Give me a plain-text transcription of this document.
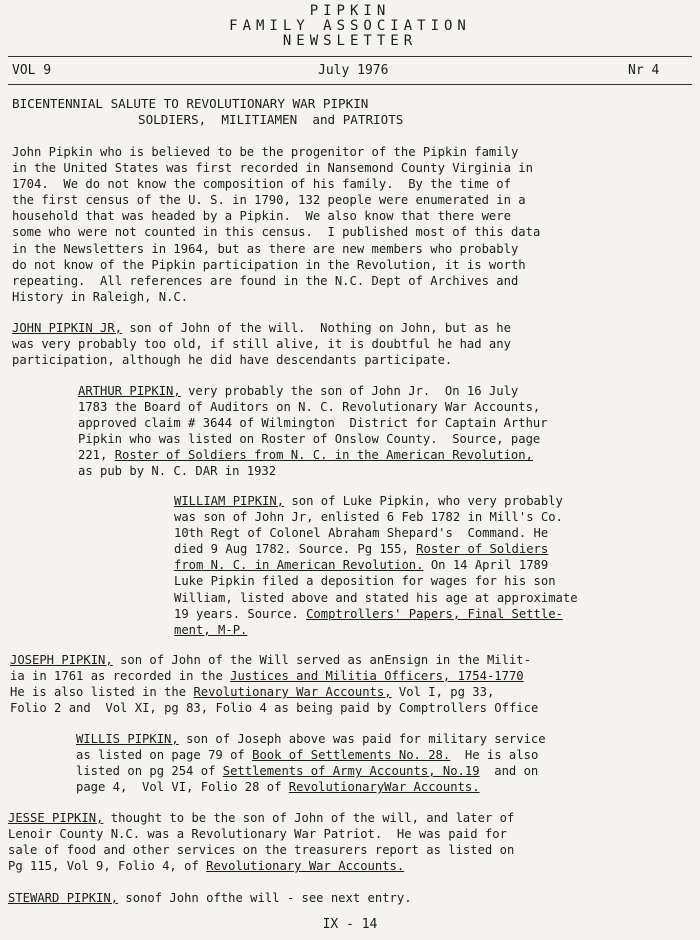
PIPKIN
FAMILY ASSOCIATION
NEWSLETTER
VOL 9	July 1976	Nr 4
BICENTENNIAL SALUTE TO REVOLUTIONARY WAR PIPKIN
SOLDIERS,  MILITIAMEN  and PATRIOTS

John Pipkin who is believed to be the progenitor of the Pipkin family
in the United States was first recorded in Nansemond County Virginia in
1704.  We do not know the composition of his family.  By the time of
the first census of the U. S. in 1790, 132 people were enumerated in a
household that was headed by a Pipkin.  We also know that there were
some who were not counted in this census.  I published most of this data
in the Newsletters in 1964, but as there are new members who probably
do not know of the Pipkin participation in the Revolution, it is worth
repeating.  All references are found in the N.C. Dept of Archives and
History in Raleigh, N.C.

JOHN PIPKIN JR, son of John of the will.  Nothing on John, but as he
was very probably too old, if still alive, it is doubtful he had any
participation, although he did have descendants participate.

ARTHUR PIPKIN, very probably the son of John Jr.  On 16 July
1783 the Board of Auditors on N. C. Revolutionary War Accounts,
approved claim # 3644 of Wilmington  District for Captain Arthur
Pipkin who was listed on Roster of Onslow County.  Source, page
221, Roster of Soldiers from N. C. in the American Revolution,
as pub by N. C. DAR in 1932

WILLIAM PIPKIN, son of Luke Pipkin, who very probably
was son of John Jr, enlisted 6 Feb 1782 in Mill's Co.
10th Regt of Colonel Abraham Shepard's  Command. He
died 9 Aug 1782. Source. Pg 155, Roster of Soldiers
from N. C. in American Revolution. On 14 April 1789
Luke Pipkin filed a deposition for wages for his son
William, listed above and stated his age at approximate
19 years. Source. Comptrollers' Papers, Final Settle-
ment, M-P.

JOSEPH PIPKIN, son of John of the Will served as anEnsign in the Milit-
ia in 1761 as recorded in the Justices and Militia Officers, 1754-1770
He is also listed in the Revolutionary War Accounts, Vol I, pg 33,
Folio 2 and  Vol XI, pg 83, Folio 4 as being paid by Comptrollers Office

WILLIS PIPKIN, son of Joseph above was paid for military service
as listed on page 79 of Book of Settlements No. 28.  He is also
listed on pg 254 of Settlements of Army Accounts, No.19  and on
page 4,  Vol VI, Folio 28 of RevolutionaryWar Accounts.

JESSE PIPKIN, thought to be the son of John of the will, and later of
Lenoir County N.C. was a Revolutionary War Patriot.  He was paid for
sale of food and other services on the treasurers report as listed on
Pg 115, Vol 9, Folio 4, of Revolutionary War Accounts.

STEWARD PIPKIN, sonof John ofthe will - see next entry.

IX - 14
